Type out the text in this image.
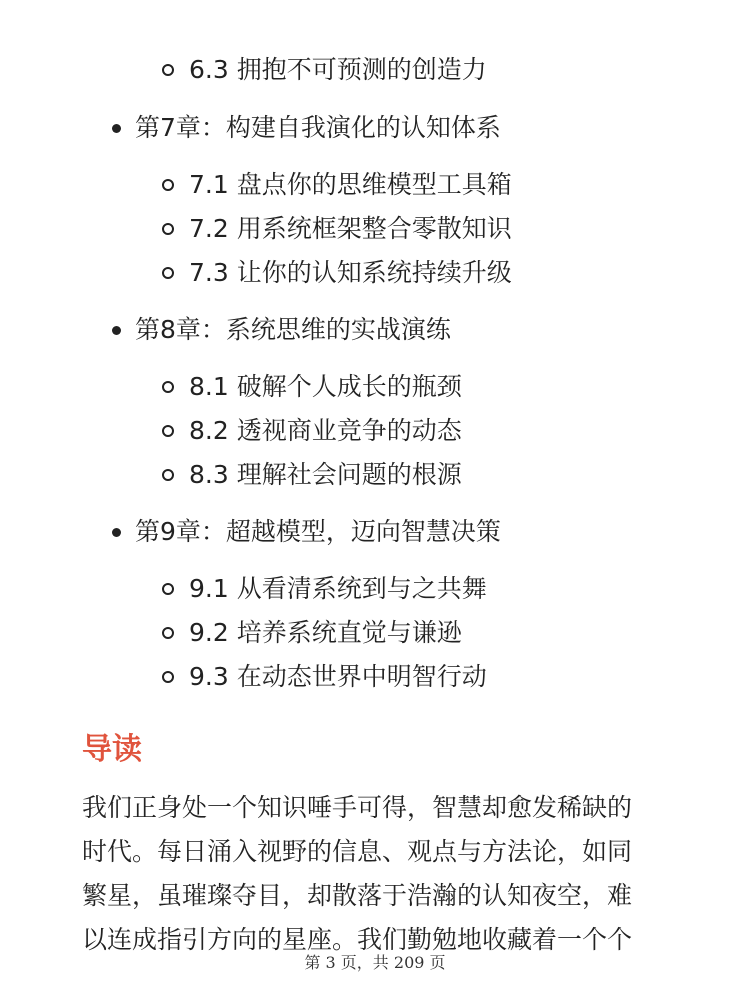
6.3 拥抱不可预测的创造力
第7章：构建自我演化的认知体系
7.1 盘点你的思维模型工具箱
7.2 用系统框架整合零散知识
7.3 让你的认知系统持续升级
第8章：系统思维的实战演练
8.1 破解个人成长的瓶颈
8.2 透视商业竞争的动态
8.3 理解社会问题的根源
第9章：超越模型，迈向智慧决策
9.1 从看清系统到与之共舞
9.2 培养系统直觉与谦逊
9.3 在动态世界中明智行动
导读
我们正身处一个知识唾手可得，智慧却愈发稀缺的
时代。每日涌入视野的信息、观点与方法论，如同
繁星，虽璀璨夺目，却散落于浩瀚的认知夜空，难
以连成指引方向的星座。我们勤勉地收藏着一个个
第 3 页，共 209 页
